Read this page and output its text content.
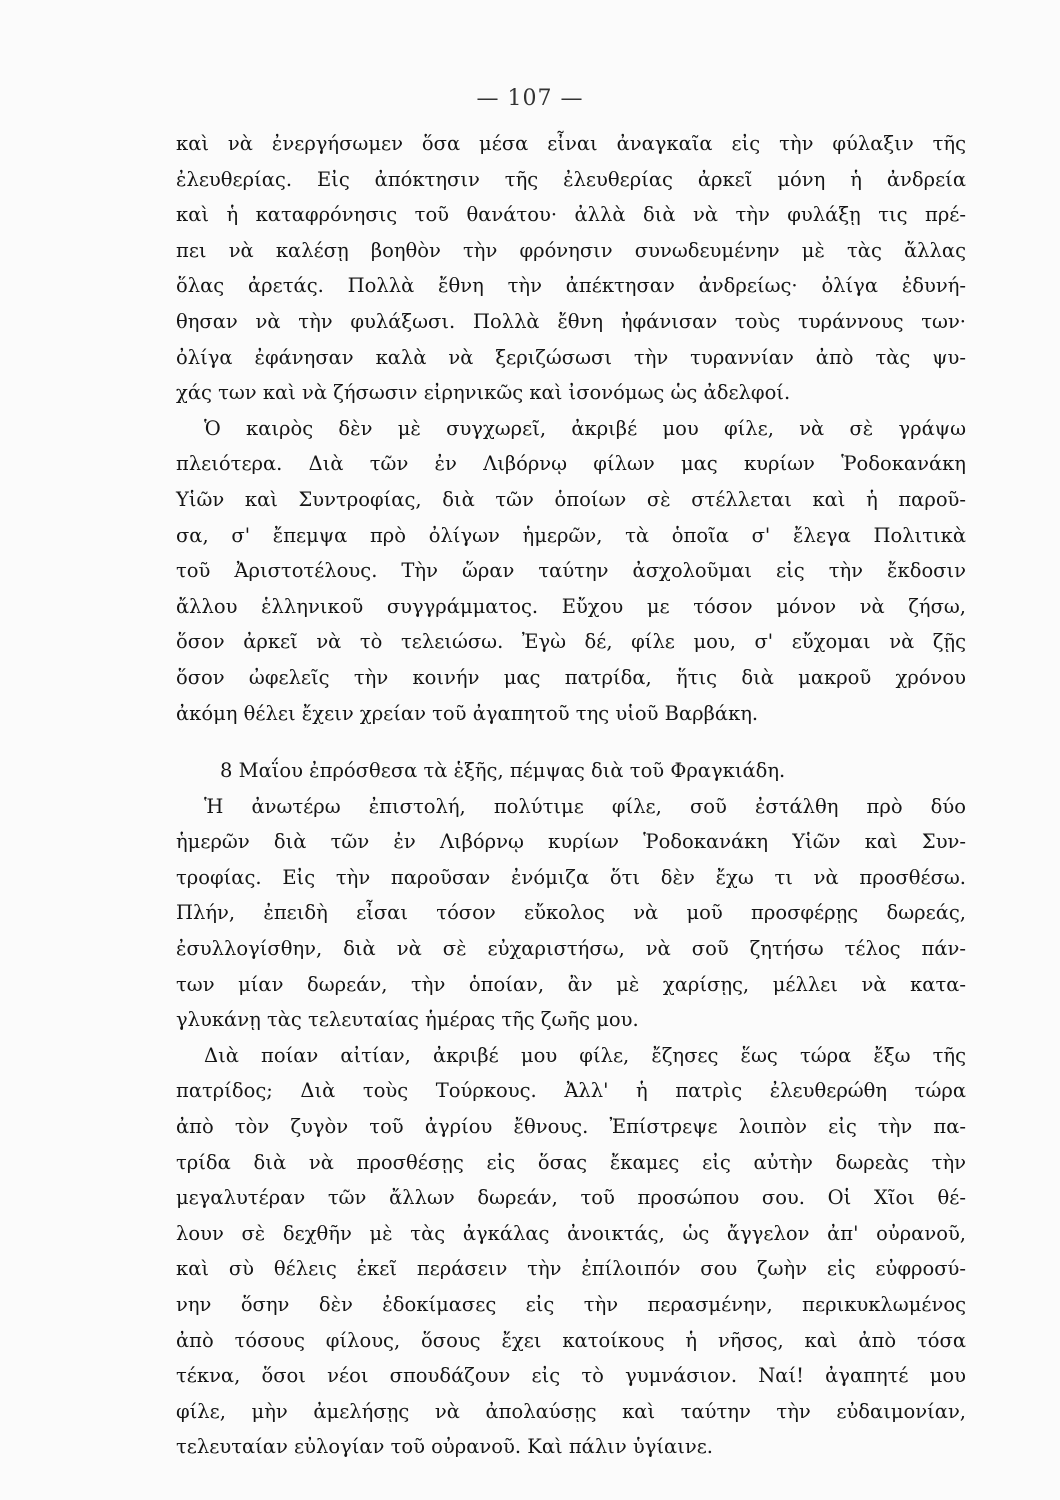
— 107 —
καὶ νὰ ἐνεργήσωμεν ὅσα μέσα εἶναι ἀναγκαῖα εἰς τὴν φύλαξιν τῆς
ἐλευθερίας. Εἰς ἀπόκτησιν τῆς ἐλευθερίας ἀρκεῖ μόνη ἡ ἀνδρεία
καὶ ἡ καταφρόνησις τοῦ θανάτου· ἀλλὰ διὰ νὰ τὴν φυλάξῃ τις πρέ-
πει νὰ καλέσῃ βοηθὸν τὴν φρόνησιν συνωδευμένην μὲ τὰς ἄλλας
ὅλας ἀρετάς. Πολλὰ ἔθνη τὴν ἀπέκτησαν ἀνδρείως· ὀλίγα ἐδυνή-
θησαν νὰ τὴν φυλάξωσι. Πολλὰ ἔθνη ἠφάνισαν τοὺς τυράννους των·
ὀλίγα ἐφάνησαν καλὰ νὰ ξεριζώσωσι τὴν τυραννίαν ἀπὸ τὰς ψυ-
χάς των καὶ νὰ ζήσωσιν εἰρηνικῶς καὶ ἰσονόμως ὡς ἀδελφοί.
Ὁ καιρὸς δὲν μὲ συγχωρεῖ, ἀκριβέ μου φίλε, νὰ σὲ γράψω
πλειότερα. Διὰ τῶν ἐν Λιβόρνῳ φίλων μας κυρίων Ῥοδοκανάκη
Υἱῶν καὶ Συντροφίας, διὰ τῶν ὁποίων σὲ στέλλεται καὶ ἡ παροῦ-
σα, σ' ἔπεμψα πρὸ ὀλίγων ἡμερῶν, τὰ ὁποῖα σ' ἔλεγα Πολιτικὰ
τοῦ Ἀριστοτέλους. Τὴν ὥραν ταύτην ἀσχολοῦμαι εἰς τὴν ἔκδοσιν
ἄλλου ἑλληνικοῦ συγγράμματος. Εὔχου με τόσον μόνον νὰ ζήσω,
ὅσον ἀρκεῖ νὰ τὸ τελειώσω. Ἐγὼ δέ, φίλε μου, σ' εὔχομαι νὰ ζῇς
ὅσον ὠφελεῖς τὴν κοινήν μας πατρίδα, ἥτις διὰ μακροῦ χρόνου
ἀκόμη θέλει ἔχειν χρείαν τοῦ ἀγαπητοῦ της υἱοῦ Βαρβάκη.
8 Μαΐου ἐπρόσθεσα τὰ ἑξῆς, πέμψας διὰ τοῦ Φραγκιάδη.
Ἡ ἀνωτέρω ἐπιστολή, πολύτιμε φίλε, σοῦ ἐστάλθη πρὸ δύο
ἡμερῶν διὰ τῶν ἐν Λιβόρνῳ κυρίων Ῥοδοκανάκη Υἱῶν καὶ Συν-
τροφίας. Εἰς τὴν παροῦσαν ἐνόμιζα ὅτι δὲν ἔχω τι νὰ προσθέσω.
Πλήν, ἐπειδὴ εἶσαι τόσον εὔκολος νὰ μοῦ προσφέρῃς δωρεάς,
ἐσυλλογίσθην, διὰ νὰ σὲ εὐχαριστήσω, νὰ σοῦ ζητήσω τέλος πάν-
των μίαν δωρεάν, τὴν ὁποίαν, ἂν μὲ χαρίσῃς, μέλλει νὰ κατα-
γλυκάνῃ τὰς τελευταίας ἡμέρας τῆς ζωῆς μου.
Διὰ ποίαν αἰτίαν, ἀκριβέ μου φίλε, ἔζησες ἕως τώρα ἔξω τῆς
πατρίδος; Διὰ τοὺς Τούρκους. Ἀλλ' ἡ πατρὶς ἐλευθερώθη τώρα
ἀπὸ τὸν ζυγὸν τοῦ ἀγρίου ἔθνους. Ἐπίστρεψε λοιπὸν εἰς τὴν πα-
τρίδα διὰ νὰ προσθέσῃς εἰς ὅσας ἔκαμες εἰς αὐτὴν δωρεὰς τὴν
μεγαλυτέραν τῶν ἄλλων δωρεάν, τοῦ προσώπου σου. Οἱ Χῖοι θέ-
λουν σὲ δεχθῆν μὲ τὰς ἀγκάλας ἀνοικτάς, ὡς ἄγγελον ἀπ' οὐρανοῦ,
καὶ σὺ θέλεις ἐκεῖ περάσειν τὴν ἐπίλοιπόν σου ζωὴν εἰς εὐφροσύ-
νην ὅσην δὲν ἐδοκίμασες εἰς τὴν περασμένην, περικυκλωμένος
ἀπὸ τόσους φίλους, ὅσους ἔχει κατοίκους ἡ νῆσος, καὶ ἀπὸ τόσα
τέκνα, ὅσοι νέοι σπουδάζουν εἰς τὸ γυμνάσιον. Ναί! ἀγαπητέ μου
φίλε, μὴν ἀμελήσῃς νὰ ἀπολαύσῃς καὶ ταύτην τὴν εὐδαιμονίαν,
τελευταίαν εὐλογίαν τοῦ οὐρανοῦ. Καὶ πάλιν ὑγίαινε.
